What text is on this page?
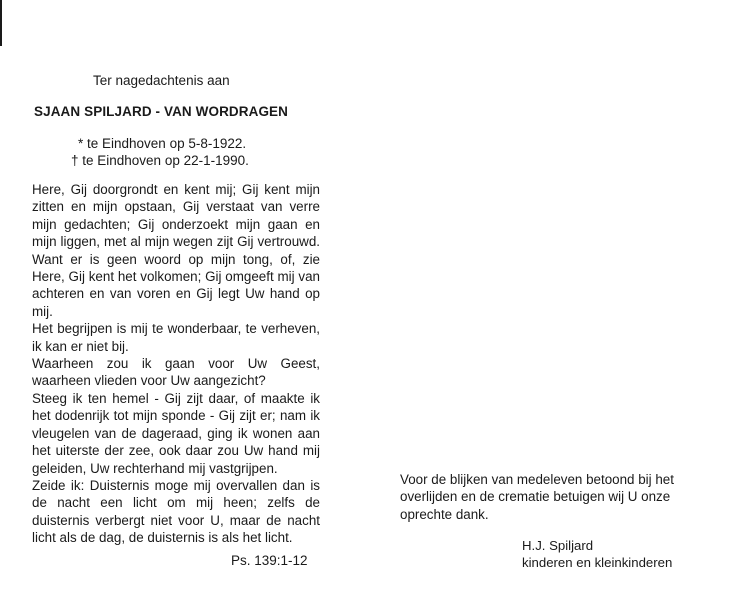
Ter nagedachtenis aan
SJAAN SPILJARD - VAN WORDRAGEN
* te Eindhoven op 5-8-1922.
† te Eindhoven op 22-1-1990.

Here, Gij doorgrondt en kent mij; Gij kent mijn zitten en mijn opstaan, Gij verstaat van verre mijn gedachten; Gij onderzoekt mijn gaan en mijn liggen, met al mijn wegen zijt Gij vertrouwd. Want er is geen woord op mijn tong, of, zie Here, Gij kent het volkomen; Gij omgeeft mij van achteren en van voren en Gij legt Uw hand op mij.

Het begrijpen is mij te wonderbaar, te verheven, ik kan er niet bij.

Waarheen zou ik gaan voor Uw Geest, waarheen vlieden voor Uw aangezicht?

Steeg ik ten hemel - Gij zijt daar, of maakte ik het dodenrijk tot mijn sponde - Gij zijt er; nam ik vleugelen van de dageraad, ging ik wonen aan het uiterste der zee, ook daar zou Uw hand mij geleiden, Uw rechterhand mij vastgrijpen.

Zeide ik: Duisternis moge mij overvallen dan is de nacht een licht om mij heen; zelfs de duisternis verbergt niet voor U, maar de nacht licht als de dag, de duisternis is als het licht.

Ps. 139:1-12

Voor de blijken van medeleven betoond bij het overlijden en de crematie betuigen wij U onze oprechte dank.

H.J. Spiljard
kinderen en kleinkinderen
